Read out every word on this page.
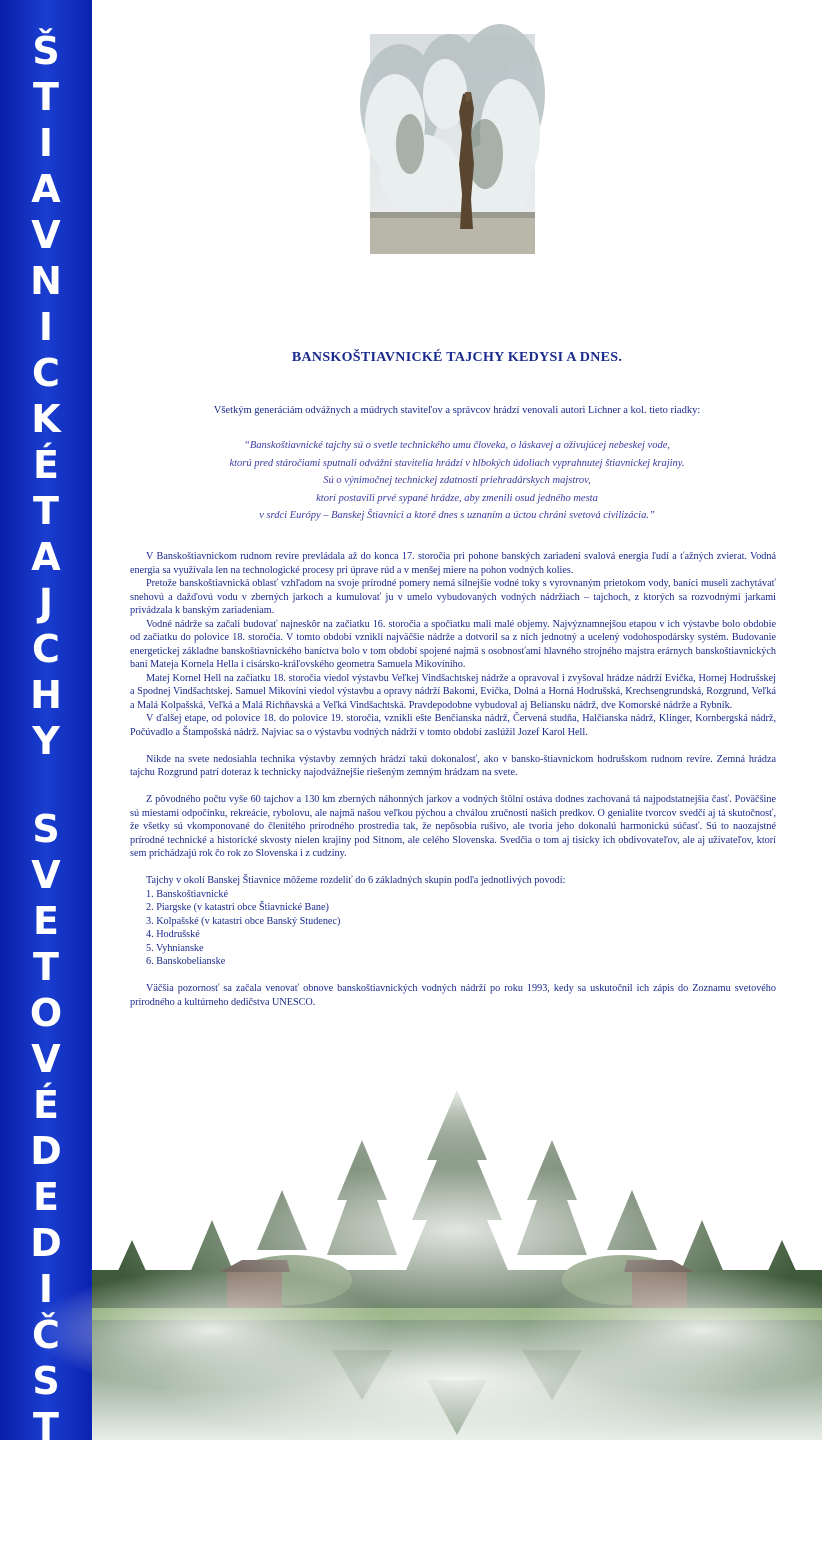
Š
T
I
A
V
N
I
C
K
É
T
A
J
C
H
Y
S
V
E
T
O
V
É
D
E
D
I
S
T
V
O
BANSKOŠTIAVNICKÉ TAJCHY KEDYSI A DNES.
Všetkým generáciám odvážnych a múdrych staviteľov a správcov hrádzí venovali autori Lichner a kol. tieto riadky:
“Banskoštiavnické tajchy sú o svetle technického umu človeka, o láskavej a oživujúcej nebeskej vode,
ktorú pred stáročiami sputnali odvážni stavitelia hrádzí v hlbokých údoliach vyprahnutej štiavnickej krajiny.
Sú o výnimočnej technickej zdatnosti priehradárskych majstrov,
ktorí postavili prvé sypané hrádze, aby zmenili osud jedného mesta
v srdci Európy – Banskej Štiavnici a ktoré dnes s uznaním a úctou chráni svetová civilizácia.”

V Banskoštiavnickom rudnom revíre prevládala až do konca 17. storočia pri pohone banských zariadení svalová energia ľudí a ťažných zvierat. Vodná energia sa využívala len na technologické procesy pri úprave rúd a v menšej miere na pohon vodných kolies.

Pretože banskoštiavnická oblasť vzhľadom na svoje prírodné pomery nemá silnejšie vodné toky s vyrovnaným prietokom vody, baníci museli zachytávať snehovú a dažďovú vodu v zberných jarkoch a kumulovať ju v umelo vybudovaných vodných nádržiach – tajchoch, z ktorých sa rozvodnými jarkami privádzala k banským zariadeniam.

Vodné nádrže sa začali budovať najneskôr na začiatku 16. storočia a spočiatku mali malé objemy. Najvýznamnejšou etapou v ich výstavbe bolo obdobie od začiatku do polovice 18. storočia. V tomto období vznikli najväčšie nádrže a dotvoril sa z nich jednotný a ucelený vodohospodársky systém. Budovanie energetickej základne banskoštiavnického baníctva bolo v tom období spojené najmä s osobnosťami hlavného strojného majstra erárnych banskoštiavnických baní Mateja Kornela Hella i cisársko-kráľovského geometra Samuela Mikovíniho.

Matej Kornel Hell na začiatku 18. storočia viedol výstavbu Veľkej Vindšachtskej nádrže a opravoval i zvyšoval hrádze nádrží Evička, Hornej Hodrušskej a Spodnej Vindšachtskej. Samuel Mikovíni viedol výstavbu a opravy nádrží Bakomi, Evička, Dolná a Horná Hodrušská, Krechsengrundská, Rozgrund, Veľká a Malá Kolpašská, Veľká a Malá Richňavská a Veľká Vindšachtská. Pravdepodobne vybudoval aj Beliansku nádrž, dve Komorské nádrže a Rybník.

V ďalšej etape, od polovice 18. do polovice 19. storočia, vznikli ešte Benčianska nádrž, Červená studňa, Halčianska nádrž, Klinger, Kornbergská nádrž, Počúvadlo a Štampošská nádrž. Najviac sa o výstavbu vodných nádrží v tomto období zaslúžil Jozef Karol Hell.

Nikde na svete nedosiahla technika výstavby zemných hrádzí takú dokonalosť, ako v bansko-štiavnickom hodrušskom rudnom revíre. Zemná hrádza tajchu Rozgrund patrí doteraz k technicky najodvážnejšie riešeným zemným hrádzam na svete.

Z pôvodného počtu vyše 60 tajchov a 130 km zberných náhonných jarkov a vodných štôlní ostáva dodnes zachovaná tá najpodstatnejšia časť. Poväčšine sú miestami odpočinku, rekreácie, rybolovu, ale najmä našou veľkou pýchou a chválou zručnosti našich predkov. O genialite tvorcov svedčí aj tá skutočnosť, že všetky sú vkomponované do členitého prírodného prostredia tak, že nepôsobia rušivo, ale tvoria jeho dokonalú harmonickú súčasť. Sú to naozajstné prírodné technické a historické skvosty nielen krajiny pod Sitnom, ale celého Slovenska. Svedčia o tom aj tisícky ich obdivovateľov, ale aj užívateľov, ktorí sem prichádzajú rok čo rok zo Slovenska i z cudziny.

Tajchy v okolí Banskej Štiavnice môžeme rozdeliť do 6 základných skupín podľa jednotlivých povodí:

1. Banskoštiavnické
2. Piargske (v katastri obce Štiavnické Bane)
3. Kolpašské (v katastri obce Banský Studenec)
4. Hodrušské
5. Vyhnianske
6. Banskobelianske

Väčšia pozornosť sa začala venovať obnove banskoštiavnických vodných nádrží po roku 1993, kedy sa uskutočnil ich zápis do Zoznamu svetového prírodného a kultúrneho dedičstva UNESCO.
